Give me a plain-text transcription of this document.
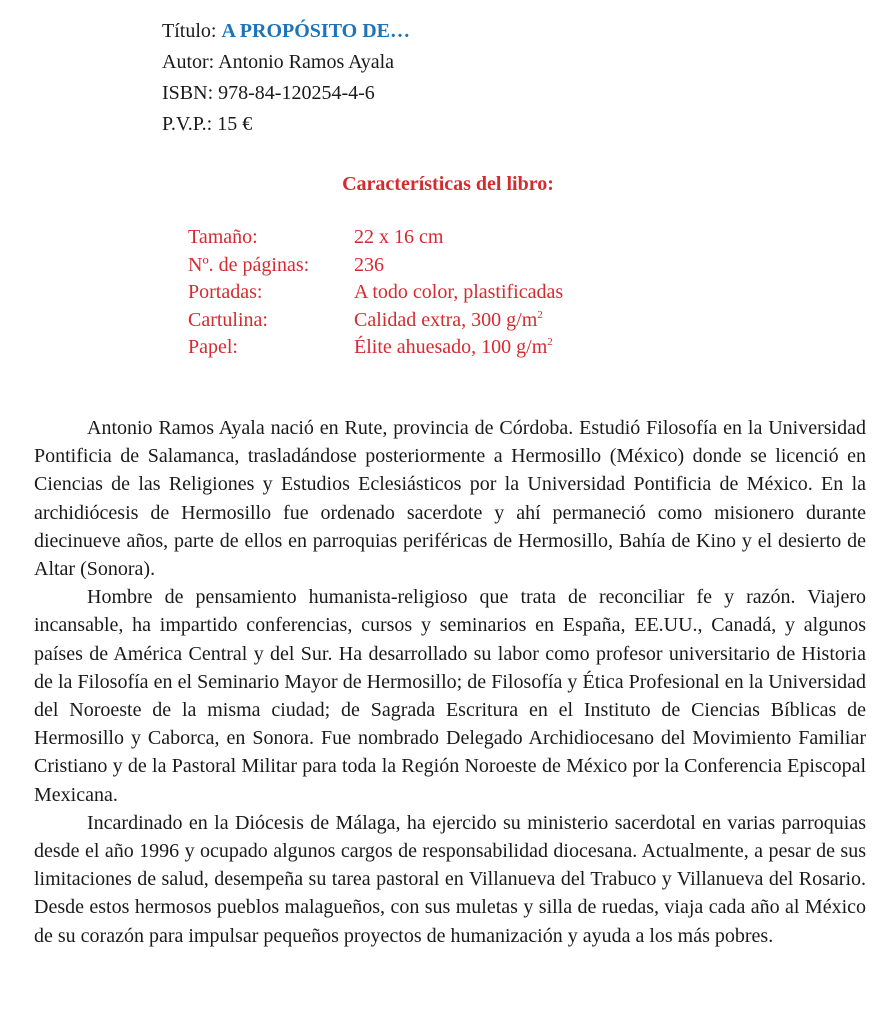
Título: A PROPÓSITO DE…
Autor: Antonio Ramos Ayala
ISBN: 978-84-120254-4-6
P.V.P.: 15 €
Características del libro:
Tamaño:	22 x 16 cm
Nº. de páginas:	236
Portadas:	A todo color, plastificadas
Cartulina:	Calidad extra, 300 $g/m^2$
Papel:	Élite ahuesado, 100 $g/m^2$

Antonio Ramos Ayala nació en Rute, provincia de Córdoba. Estudió Filosofía en la Universidad Pontificia de Salamanca, trasladándose posteriormente a Hermosillo (México) donde se licenció en Ciencias de las Religiones y Estudios Eclesiásticos por la Universidad Pontificia de México. En la archidiócesis de Hermosillo fue ordenado sacerdote y ahí permaneció como misionero durante diecinueve años, parte de ellos en parroquias periféricas de Hermosillo, Bahía de Kino y el desierto de Altar (Sonora).

Hombre de pensamiento humanista-religioso que trata de reconciliar fe y razón. Viajero incansable, ha impartido conferencias, cursos y seminarios en España, EE.UU., Canadá, y algunos países de América Central y del Sur. Ha desarrollado su labor como profesor universitario de Historia de la Filosofía en el Seminario Mayor de Hermosillo; de Filosofía y Ética Profesional en la Universidad del Noroeste de la misma ciudad; de Sagrada Escritura en el Instituto de Ciencias Bíblicas de Hermosillo y Caborca, en Sonora. Fue nombrado Delegado Archidiocesano del Movimiento Familiar Cristiano y de la Pastoral Militar para toda la Región Noroeste de México por la Conferencia Episcopal Mexicana.

Incardinado en la Diócesis de Málaga, ha ejercido su ministerio sacerdotal en varias parroquias desde el año 1996 y ocupado algunos cargos de responsabilidad diocesana. Actualmente, a pesar de sus limitaciones de salud, desempeña su tarea pastoral en Villanueva del Trabuco y Villanueva del Rosario. Desde estos hermosos pueblos malagueños, con sus muletas y silla de ruedas, viaja cada año al México de su corazón para impulsar pequeños proyectos de humanización y ayuda a los más pobres.
